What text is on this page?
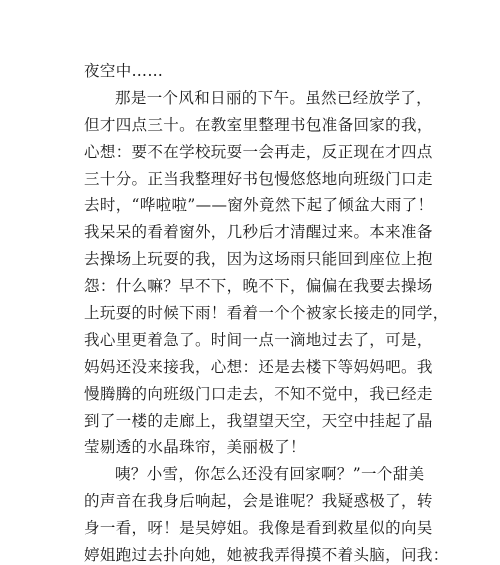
夜空中……
那是一个风和日丽的下午。虽然已经放学了，
但才四点三十。在教室里整理书包准备回家的我，
心想：要不在学校玩耍一会再走，反正现在才四点
三十分。正当我整理好书包慢悠悠地向班级门口走
去时，“哗啦啦”——窗外竟然下起了倾盆大雨了！
我呆呆的看着窗外，几秒后才清醒过来。本来准备
去操场上玩耍的我，因为这场雨只能回到座位上抱
怨：什么嘛？早不下，晚不下，偏偏在我要去操场
上玩耍的时候下雨！看着一个个被家长接走的同学，
我心里更着急了。时间一点一滴地过去了，可是，
妈妈还没来接我，心想：还是去楼下等妈妈吧。我
慢腾腾的向班级门口走去，不知不觉中，我已经走
到了一楼的走廊上，我望望天空，天空中挂起了晶
莹剔透的水晶珠帘，美丽极了！
咦？小雪，你怎么还没有回家啊？”一个甜美
的声音在我身后响起，会是谁呢？我疑惑极了，转
身一看，呀！是吴婷姐。我像是看到救星似的向吴
婷姐跑过去扑向她，她被我弄得摸不着头脑，问我：
